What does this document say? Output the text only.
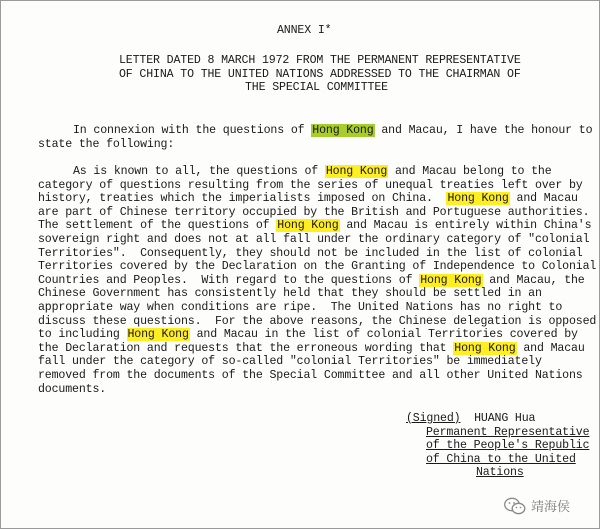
ANNEX I*

LETTER DATED 8 MARCH 1972 FROM THE PERMANENT REPRESENTATIVE
OF CHINA TO THE UNITED NATIONS ADDRESSED TO THE CHAIRMAN OF
THE SPECIAL COMMITTEE
In connexion with the questions of Hong Kong and Macau, I have the honour to
state the following:
As is known to all, the questions of Hong Kong and Macau belong to the
category of questions resulting from the series of unequal treaties left over by
history, treaties which the imperialists imposed on China.  Hong Kong and Macau
are part of Chinese territory occupied by the British and Portuguese authorities.
The settlement of the questions of Hong Kong and Macau is entirely within China's
sovereign right and does not at all fall under the ordinary category of "colonial
Territories".  Consequently, they should not be included in the list of colonial
Territories covered by the Declaration on the Granting of Independence to Colonial
Countries and Peoples.  With regard to the questions of Hong Kong and Macau, the
Chinese Government has consistently held that they should be settled in an
appropriate way when conditions are ripe.  The United Nations has no right to
discuss these questions.  For the above reasons, the Chinese delegation is opposed
to including Hong Kong and Macau in the list of colonial Territories covered by
the Declaration and requests that the erroneous wording that Hong Kong and Macau
fall under the category of so-called "colonial Territories" be immediately
removed from the documents of the Special Committee and all other United Nations
documents.
(Signed)  HUANG Hua
Permanent Representative
of the People's Republic
of China to the United
Nations
靖海侯
